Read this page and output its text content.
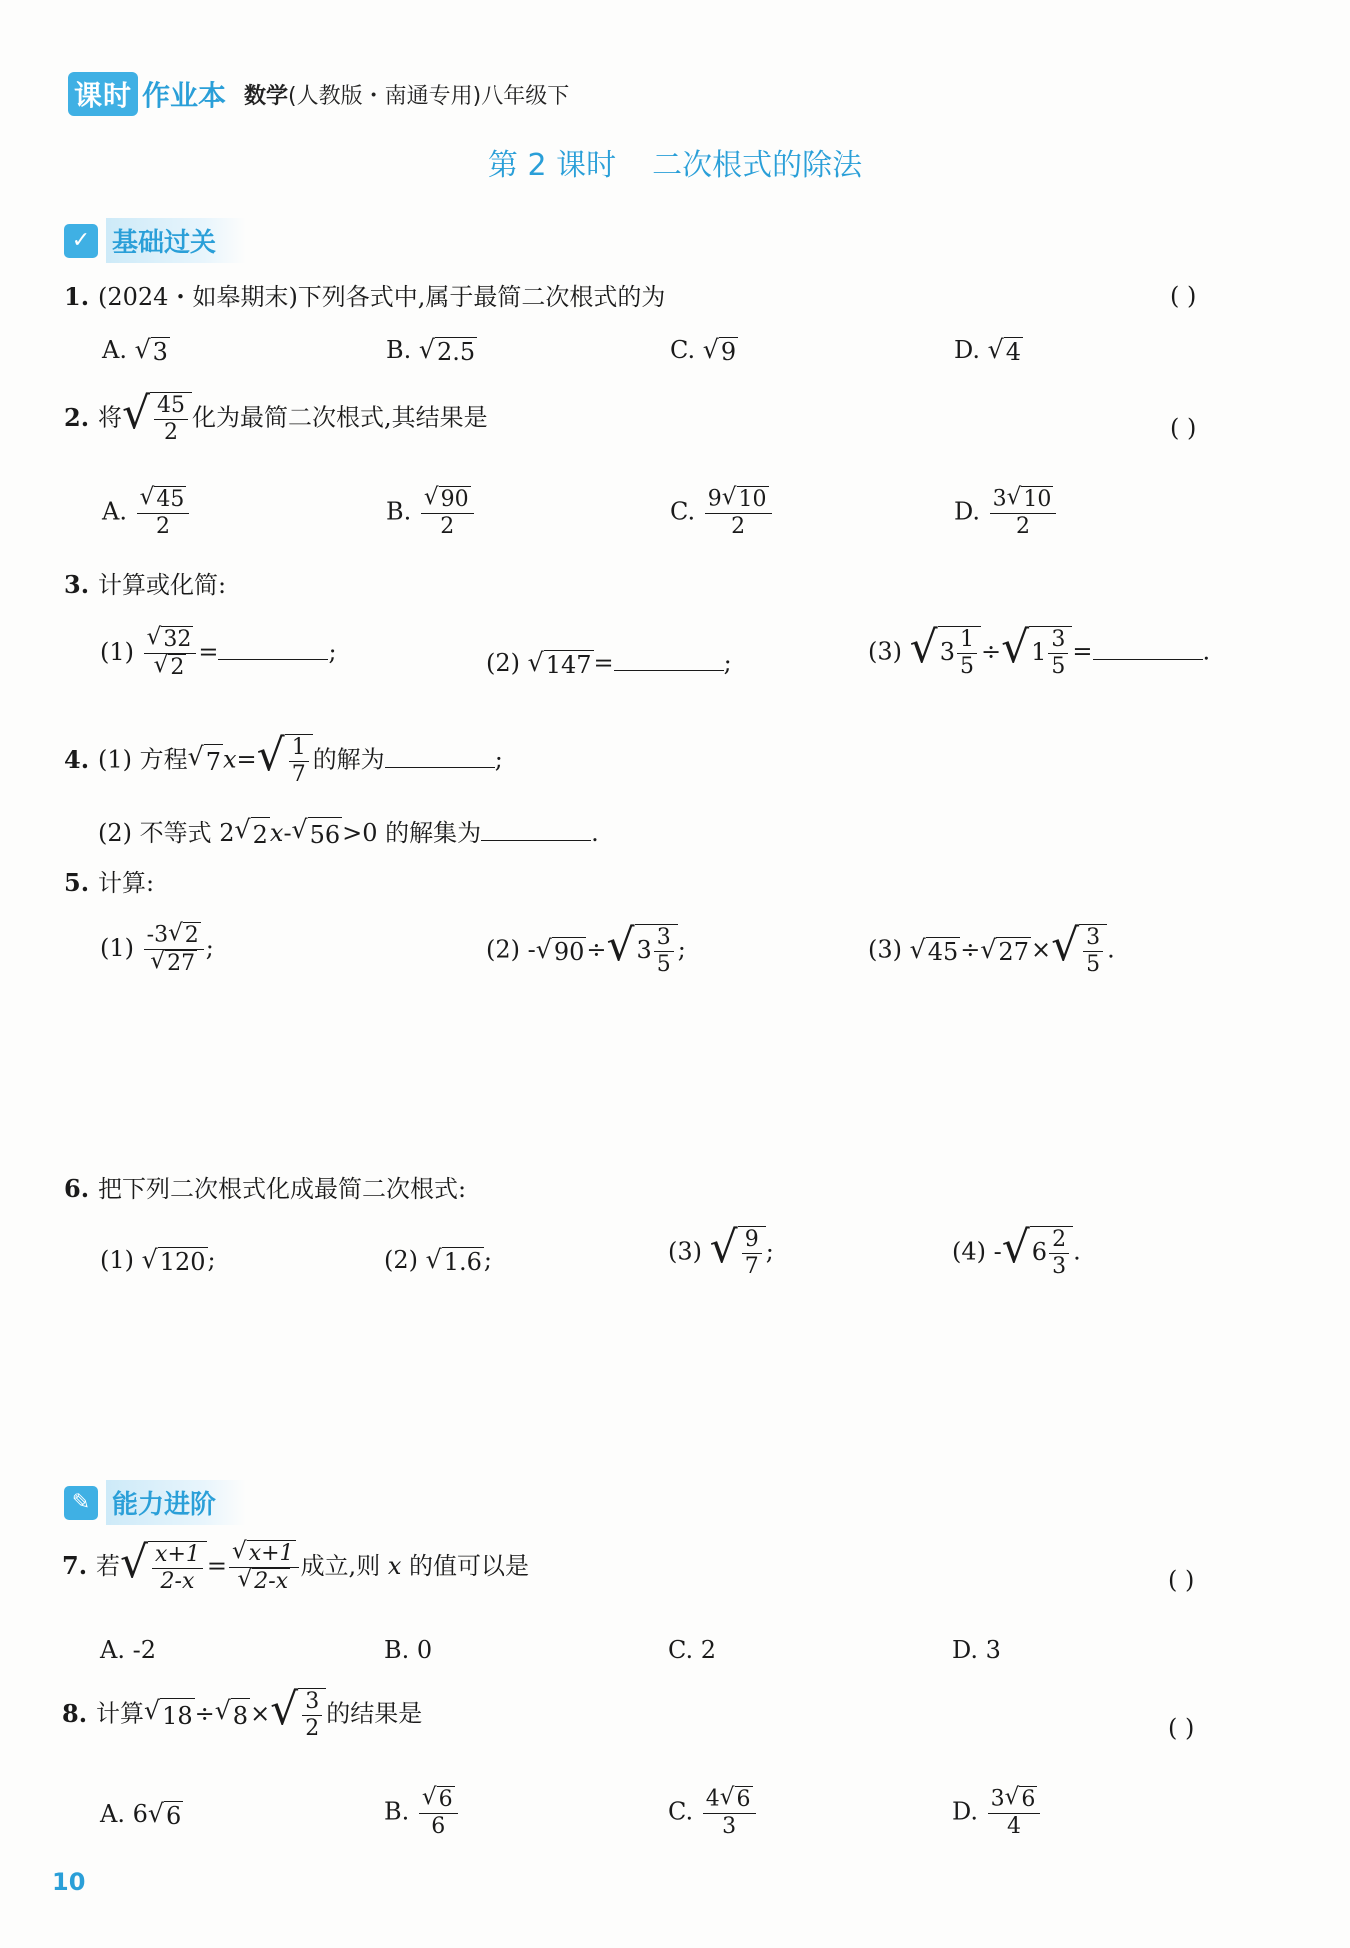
课时 作业本 数学(人教版・南通专用)八年级下
第 2 课时 二次根式的除法
✓ 基础过关
1. (2024・如皋期末)下列各式中,属于最简二次根式的为	( )
A. √ 3	B. √ 2.5	C. √ 9	D. √ 4
2. 将 √ $\frac{45}{2}$ 化为最简二次根式,其结果是	( )
A. $\frac{√ 45}{2}$	B. $\frac{√ 90}{2}$	C. $\frac{9 √ 10}{2}$	D. $\frac{3 √ 10}{2}$
3. 计算或化简:
$(1) \frac{√ 32}{√ 2}$ =	;	(2) √ 147 =	;	(3) √ $3 \frac{1}{5}$ ÷ √ $1 \frac{3}{5}$ =	.
4. (1) 方程 √ 7 x= √ $\frac{1}{7}$ 的解为	;
(2) 不等式 2 √ 2 x- √ 56 >0 的解集为	.
5. 计算:
$(1) \frac{-3 √ 2}{√ 27}$ ;	(2) - √ 90 ÷ √ $3 \frac{3}{5}$ ;	(3) √ 45 ÷ √ 27 × √ $\frac{3}{5}$ .
6. 把下列二次根式化成最简二次根式:
(1) √ 120 ;	(2) √ 1.6 ;	(3) √ $\frac{9}{7}$ ;	(4) - √ $6 \frac{2}{3}$ .
✎ 能力进阶
7. 若 √ $\frac{x+1}{2-x} = \frac{√ x+1}{√ 2-x}$ 成立,则 x 的值可以是	( )
A. -2	B. 0	C. 2	D. 3
8. 计算 √ 18 ÷ √ 8 × √ $\frac{3}{2}$ 的结果是
( )
A. 6 √ 6	B. $\frac{√ 6}{6}$	C. $\frac{4 √ 6}{3}$	D. $\frac{3 √ 6}{4}$
10
